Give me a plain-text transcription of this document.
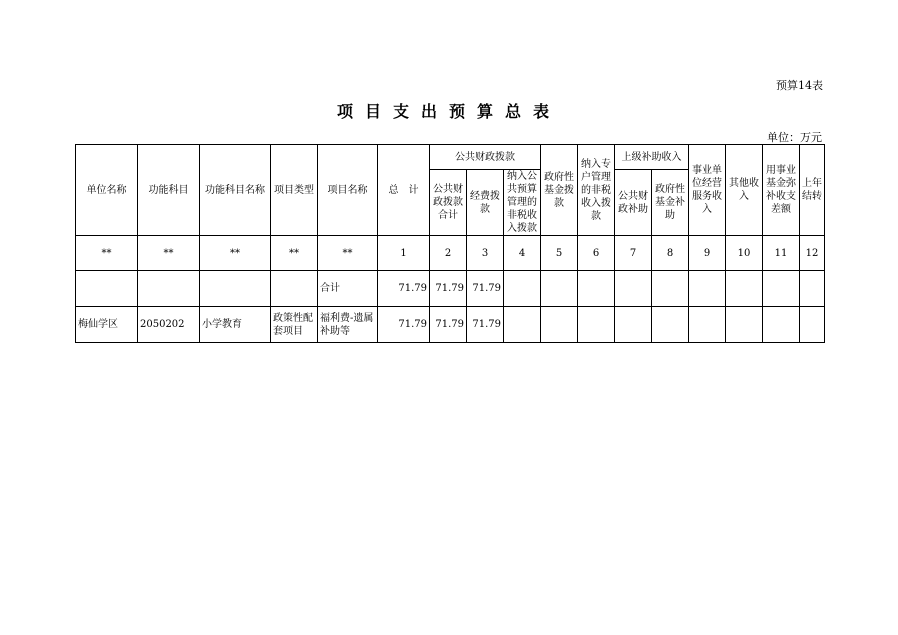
预算14表
项目支出预算总表
单位：万元
单位名称	功能科目	功能科目名称	项目类型	项目名称	总　计	公共财政拨款			政府性基金拨款	纳入专户管理的非税收入拨款	上级补助收入		事业单位经营服务收入	其他收入	用事业基金弥补收支差额	上年结转
						公共财政拨款合计	经费拨款	纳入公共预算管理的非税收入拨款								
											公共财政补助	政府性基金补助				
**	**	**	**	**	1	2	3	4	5	6	7	8	9	10	11	12
				合计	71.79	71.79	71.79									
梅仙学区	2050202	小学教育	政策性配套项目	福利费-遗属补助等	71.79	71.79	71.79									
